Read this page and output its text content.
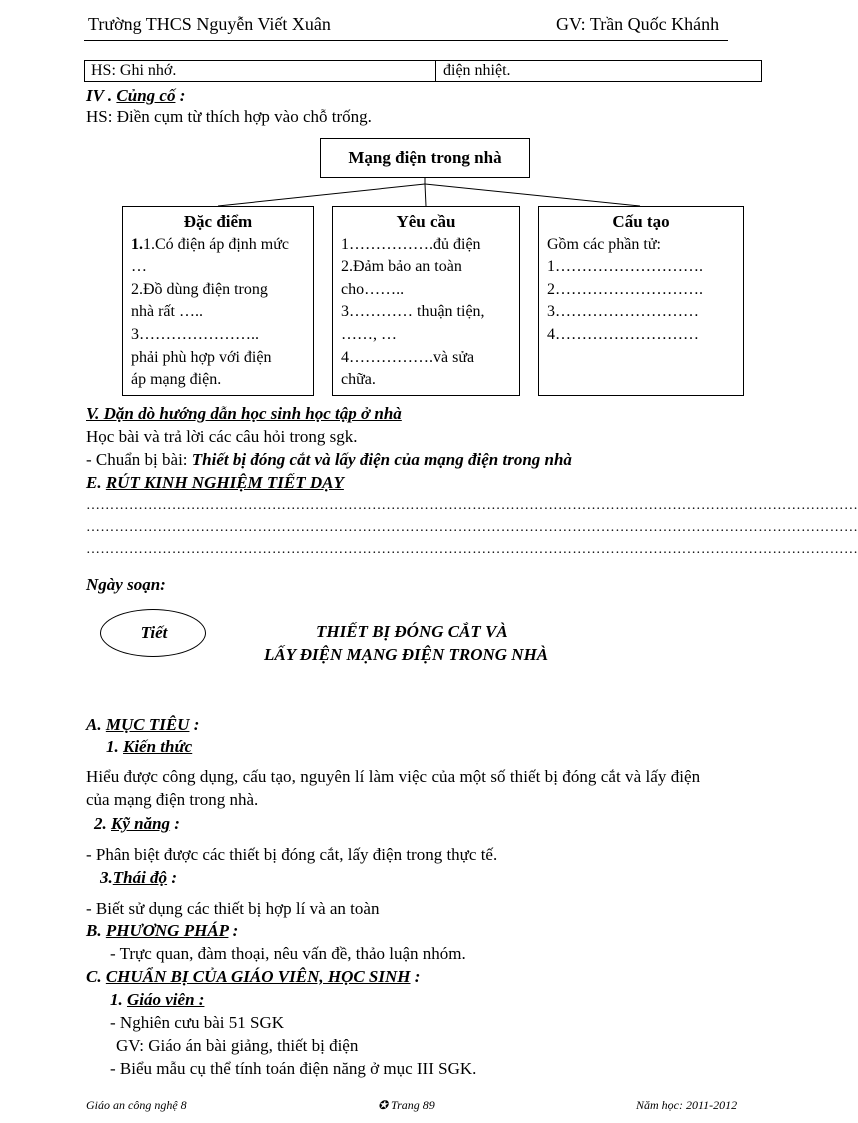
Trường THCS Nguyễn Viết Xuân	GV: Trần Quốc Khánh
HS: Ghi nhớ.	điện nhiệt.
IV . Củng cố :
HS: Điền cụm từ thích hợp vào chỗ trống.
Mạng điện trong nhà
Đặc điểm
1.1.Có điện áp định mức
…
2.Đồ dùng điện trong
nhà rất …..
3…………………..
phải phù hợp với điện
áp mạng điện.
Yêu cầu
1…………….đủ điện
2.Đảm bảo an toàn
cho……..
3………… thuận tiện,
……, …
4…………….và sửa
chữa.
Cấu tạo
Gồm các phần tử:
1……………………….
2……………………….
3………………………
4………………………
V. Dặn dò hướng dẫn học sinh học tập ở nhà
Học bài và trả lời các câu hỏi trong sgk.
- Chuẩn bị bài: Thiết bị đóng cắt và lấy điện của mạng điện trong nhà
E. RÚT KINH NGHIỆM TIẾT DẠY
………………………………………………………………………………………………………………………………………………
………………………………………………………………………………………………………………………………………………
………………………………………………………………………………………………………………………………………………
Ngày soạn:
Tiết	THIẾT BỊ ĐÓNG CẮT VÀ
LẤY ĐIỆN MẠNG ĐIỆN TRONG NHÀ
A. MỤC TIÊU :
1. Kiến thức
Hiểu được công dụng, cấu tạo, nguyên lí làm việc của một số thiết bị đóng cắt và lấy điện
của mạng điện trong nhà.
2. Kỹ năng :
- Phân biệt được các thiết bị đóng cắt, lấy điện trong thực tế.
3.Thái độ :
- Biết sử dụng các thiết bị hợp lí và an toàn
B. PHƯƠNG PHÁP :
- Trực quan, đàm thoại, nêu vấn đề, thảo luận nhóm.
C. CHUẨN BỊ CỦA GIÁO VIÊN, HỌC SINH :
1. Giáo viên :
- Nghiên cưu bài 51 SGK
GV: Giáo án bài giảng, thiết bị điện
- Biểu mẫu cụ thể tính toán điện năng ở mục III SGK.
Giáo an công nghệ 8	✪ Trang 89	Năm học: 2011-2012
